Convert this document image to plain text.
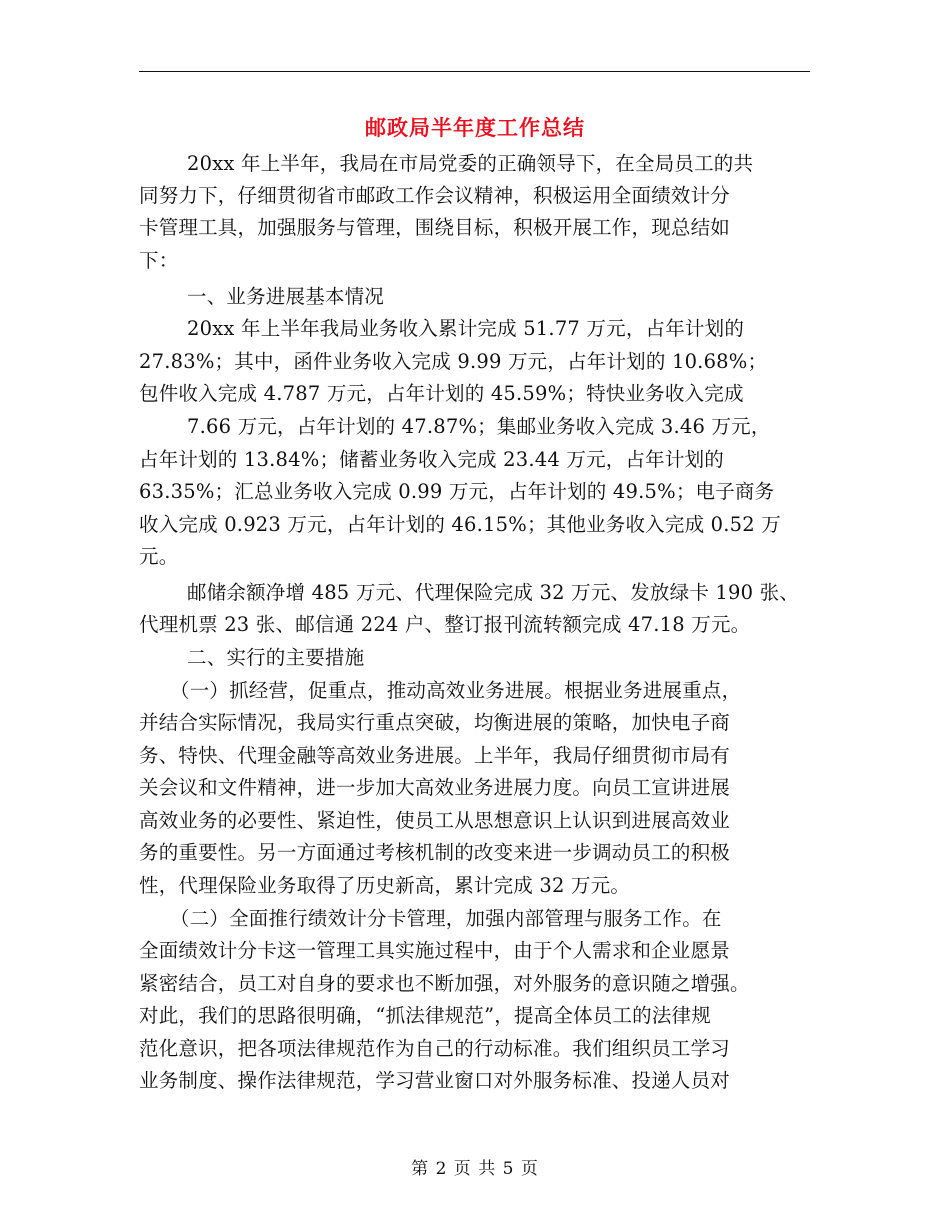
邮政局半年度工作总结
20xx 年上半年，我局在市局党委的正确领导下，在全局员工的共
同努力下，仔细贯彻省市邮政工作会议精神，积极运用全面绩效计分
卡管理工具，加强服务与管理，围绕目标，积极开展工作，现总结如
下：
一、业务进展基本情况
20xx 年上半年我局业务收入累计完成 51.77 万元，占年计划的
27.83%；其中，函件业务收入完成 9.99 万元，占年计划的 10.68%；
包件收入完成 4.787 万元，占年计划的 45.59%；特快业务收入完成
7.66 万元，占年计划的 47.87%；集邮业务收入完成 3.46 万元，
占年计划的 13.84%；储蓄业务收入完成 23.44 万元，占年计划的
63.35%；汇总业务收入完成 0.99 万元，占年计划的 49.5%；电子商务
收入完成 0.923 万元，占年计划的 46.15%；其他业务收入完成 0.52 万
元。
邮储余额净增 485 万元、代理保险完成 32 万元、发放绿卡 190 张、
代理机票 23 张、邮信通 224 户、整订报刊流转额完成 47.18 万元。
二、实行的主要措施
（一）抓经营，促重点，推动高效业务进展。根据业务进展重点，
并结合实际情况，我局实行重点突破，均衡进展的策略，加快电子商
务、特快、代理金融等高效业务进展。上半年，我局仔细贯彻市局有
关会议和文件精神，进一步加大高效业务进展力度。向员工宣讲进展
高效业务的必要性、紧迫性，使员工从思想意识上认识到进展高效业
务的重要性。另一方面通过考核机制的改变来进一步调动员工的积极
性，代理保险业务取得了历史新高，累计完成 32 万元。
（二）全面推行绩效计分卡管理，加强内部管理与服务工作。在
全面绩效计分卡这一管理工具实施过程中，由于个人需求和企业愿景
紧密结合，员工对自身的要求也不断加强，对外服务的意识随之增强。
对此，我们的思路很明确，“抓法律规范”，提高全体员工的法律规
范化意识，把各项法律规范作为自己的行动标准。我们组织员工学习
业务制度、操作法律规范，学习营业窗口对外服务标准、投递人员对
第 2 页 共 5 页
